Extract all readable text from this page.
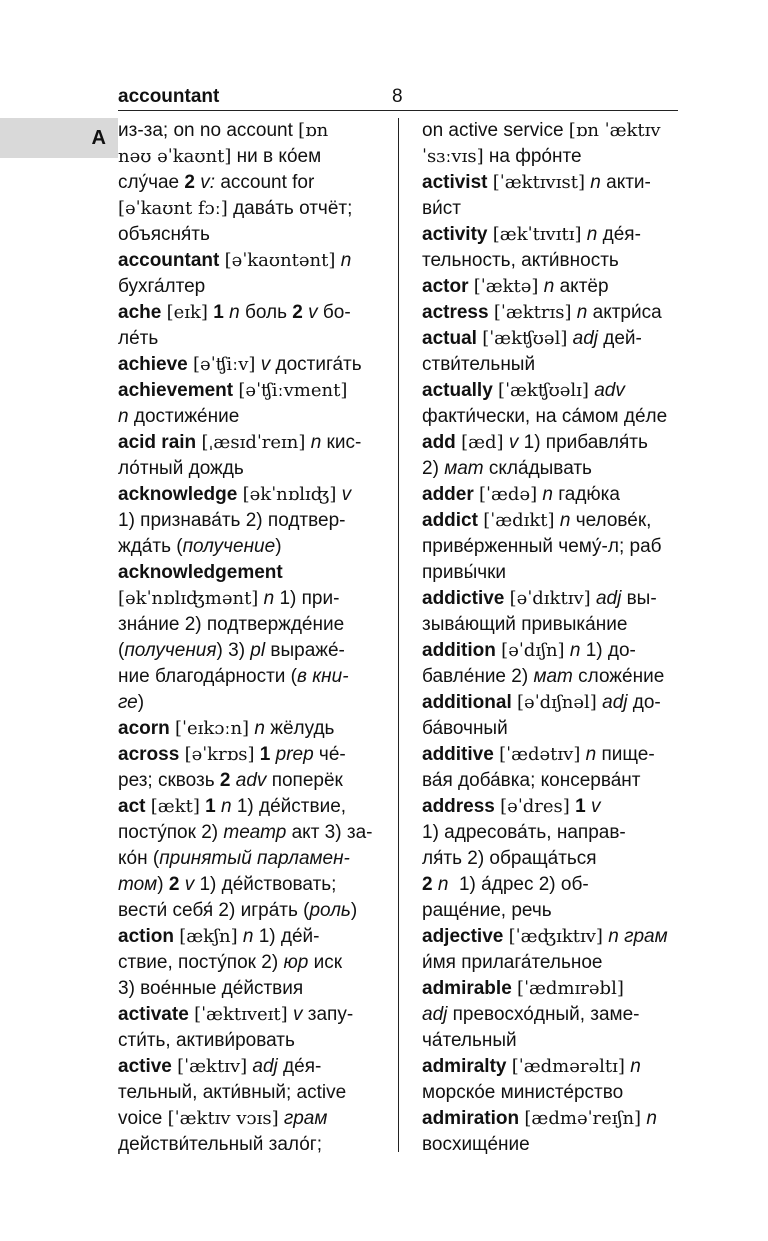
accountant	8
A из-за; on no account [ɒn
nəʊ əˈkaʊnt] ни в ко́ем
слу́чае 2 v: account for
[əˈkaʊnt fɔː] дава́ть отчёт;
объясня́ть
accountant [əˈkaʊntənt] n
бухга́лтер
ache [eɪk] 1 n боль 2 v бо-
ле́ть
achieve [əˈʧiːv] v достига́ть
achievement [əˈʧiːvment]
n достиже́ние
acid rain [ˌæsɪdˈreɪn] n кис-
ло́тный дождь
acknowledge [əkˈnɒlɪʤ] v
1) признава́ть 2) подтвер-
жда́ть (получение)
acknowledgement
[əkˈnɒlɪʤmənt] n 1) при-
зна́ние 2) подтвержде́ние
(получения) 3) pl выраже́-
ние благода́рности (в кни-
ге)
acorn [ˈeɪkɔːn] n жёлудь
across [əˈkrɒs] 1 prep че́-
рез; сквозь 2 adv поперёк
act [ækt] 1 n 1) де́йствие,
посту́пок 2) театр акт 3) за-
ко́н (принятый парламен-
том) 2 v 1) де́йствовать;
вести́ себя́ 2) игра́ть (роль)
action [ækʃn] n 1) де́й-
ствие, посту́пок 2) юр иск
3) вое́нные де́йствия
activate [ˈæktɪveɪt] v запу-
сти́ть, активи́ровать
active [ˈæktɪv] adj де́я-
тельный, акти́вный; active
voice [ˈæktɪv vɔɪs] грам
действи́тельный зало́г;
on active service [ɒn ˈæktɪv
ˈsɜːvɪs] на фро́нте
activist [ˈæktɪvɪst] n акти-
ви́ст
activity [ækˈtɪvɪtɪ] n де́я-
тельность, акти́вность
actor [ˈæktə] n актёр
actress [ˈæktrɪs] n актри́са
actual [ˈækʧʊəl] adj дей-
стви́тельный
actually [ˈækʧʊəlɪ] adv
факти́чески, на са́мом де́ле
add [æd] v 1) прибавля́ть
2) мат скла́дывать
adder [ˈædə] n гадю́ка
addict [ˈædɪkt] n челове́к,
приве́рженный чему́-л; раб
привы́чки
addictive [əˈdɪktɪv] adj вы-
зыва́ющий привыка́ние
addition [əˈdɪʃn] n 1) до-
бавле́ние 2) мат сложе́ние
additional [əˈdɪʃnəl] adj до-
ба́вочный
additive [ˈædətɪv] n пище-
ва́я доба́вка; консерва́нт
address [əˈdres] 1 v
1) адресова́ть, направ-
ля́ть 2) обраща́ться
2 n  1) а́дрес 2) об-
раще́ние, речь
adjective [ˈæʤɪktɪv] n грам
и́мя прилага́тельное
admirable [ˈædmɪrəbl]
adj превосхо́дный, заме-
ча́тельный
admiralty [ˈædmərəltɪ] n
морско́е министе́рство
admiration [ædməˈreɪʃn] n
восхище́ние
